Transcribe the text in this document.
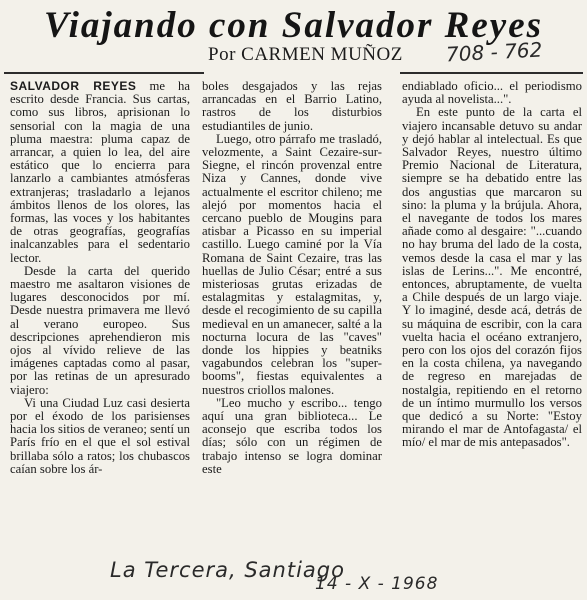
Viajando con Salvador Reyes
Por CARMEN MUÑOZ 708 - 762

SALVADOR REYES me ha escrito desde Francia. Sus cartas, como sus libros, aprisionan lo sensorial con la magia de una pluma maestra: pluma capaz de arrancar, a quien lo lea, del aire estático que lo encierra para lanzarlo a cambiantes atmósferas extranjeras; trasladarlo a lejanos ámbitos llenos de los olores, las formas, las voces y los habitantes de otras geografías, geografías inalcanzables para el sedentario lector.

Desde la carta del querido maestro me asaltaron visiones de lugares desconocidos por mí. Desde nuestra primavera me llevó al verano europeo. Sus descripciones aprehendieron mis ojos al vívido relieve de las imágenes captadas como al pasar, por las retinas de un apresurado viajero:

Vi una Ciudad Luz casi desierta por el éxodo de los parisienses hacia los sitios de veraneo; sentí un París frío en el que el sol estival brillaba sólo a ratos; los chubascos caían sobre los ár-

boles desgajados y las rejas arrancadas en el Barrio Latino, rastros de los disturbios estudiantiles de junio.

Luego, otro párrafo me trasladó, velozmente, a Saint Cezaire-sur-Siegne, el rincón provenzal entre Niza y Cannes, donde vive actualmente el escritor chileno; me alejó por momentos hacia el cercano pueblo de Mougins para atisbar a Picasso en su imperial castillo. Luego caminé por la Vía Romana de Saint Cezaire, tras las huellas de Julio César; entré a sus misteriosas grutas erizadas de estalagmitas y estalagmitas, y, desde el recogimiento de su capilla medieval en un amanecer, salté a la nocturna locura de las "caves" donde los hippies y beatniks vagabundos celebran los "super-booms", fiestas equivalentes a nuestros criollos malones.

"Leo mucho y escribo... tengo aquí una gran biblioteca... Le aconsejo que escriba todos los días; sólo con un régimen de trabajo intenso se logra dominar este

endiablado oficio... el periodismo ayuda al novelista...".

En este punto de la carta el viajero incansable detuvo su andar y dejó hablar al intelectual. Es que Salvador Reyes, nuestro último Premio Nacional de Literatura, siempre se ha debatido entre las dos angustias que marcaron su sino: la pluma y la brújula. Ahora, el navegante de todos los mares añade como al desgaire: "...cuando no hay bruma del lado de la costa, vemos desde la casa el mar y las islas de Lerins...". Me encontré, entonces, abruptamente, de vuelta a Chile después de un largo viaje. Y lo imaginé, desde acá, detrás de su máquina de escribir, con la cara vuelta hacia el océano extranjero, pero con los ojos del corazón fijos en la costa chilena, ya navegando de regreso en marejadas de nostalgia, repitiendo en el retorno de un íntimo murmullo los versos que dedicó a su Norte: "Estoy mirando el mar de Antofagasta/ el mío/ el mar de mis antepasados".

La Tercera, Santiago
14 - X - 1968
